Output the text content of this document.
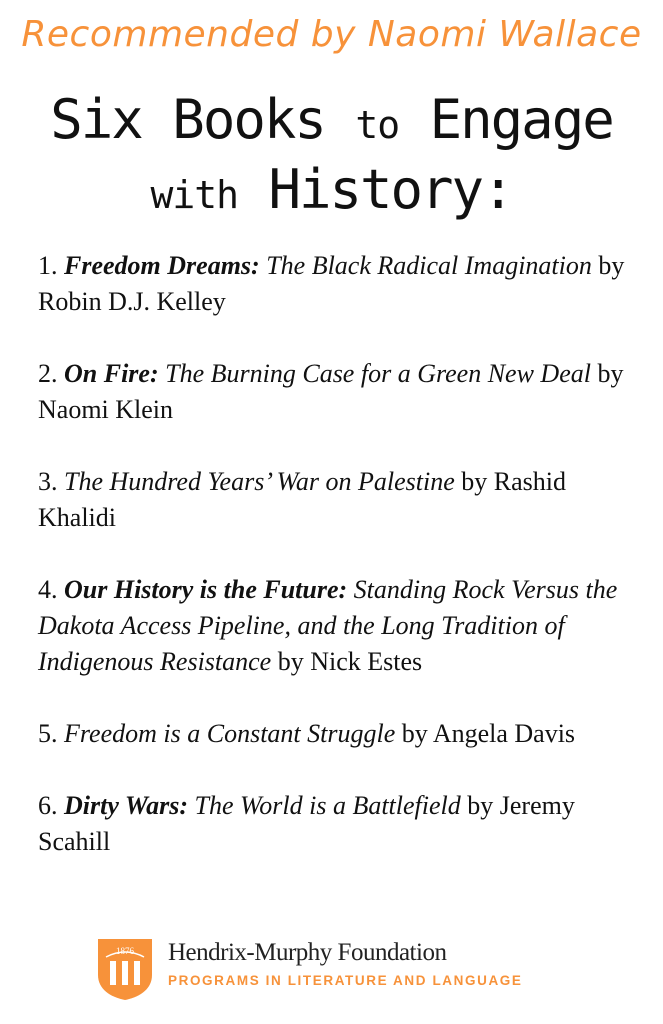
Recommended by Naomi Wallace
Six Books to Engage
with History:
1. Freedom Dreams: The Black Radical Imagination by Robin D.J. Kelley
2. On Fire: The Burning Case for a Green New Deal by Naomi Klein
3. The Hundred Years’ War on Palestine by Rashid Khalidi
4. Our History is the Future: Standing Rock Versus the Dakota Access Pipeline, and the Long Tradition of Indigenous Resistance by Nick Estes
5. Freedom is a Constant Struggle by Angela Davis
6. Dirty Wars: The World is a Battlefield by Jeremy Scahill
1876 Hendrix-Murphy Foundation
PROGRAMS IN LITERATURE AND LANGUAGE
